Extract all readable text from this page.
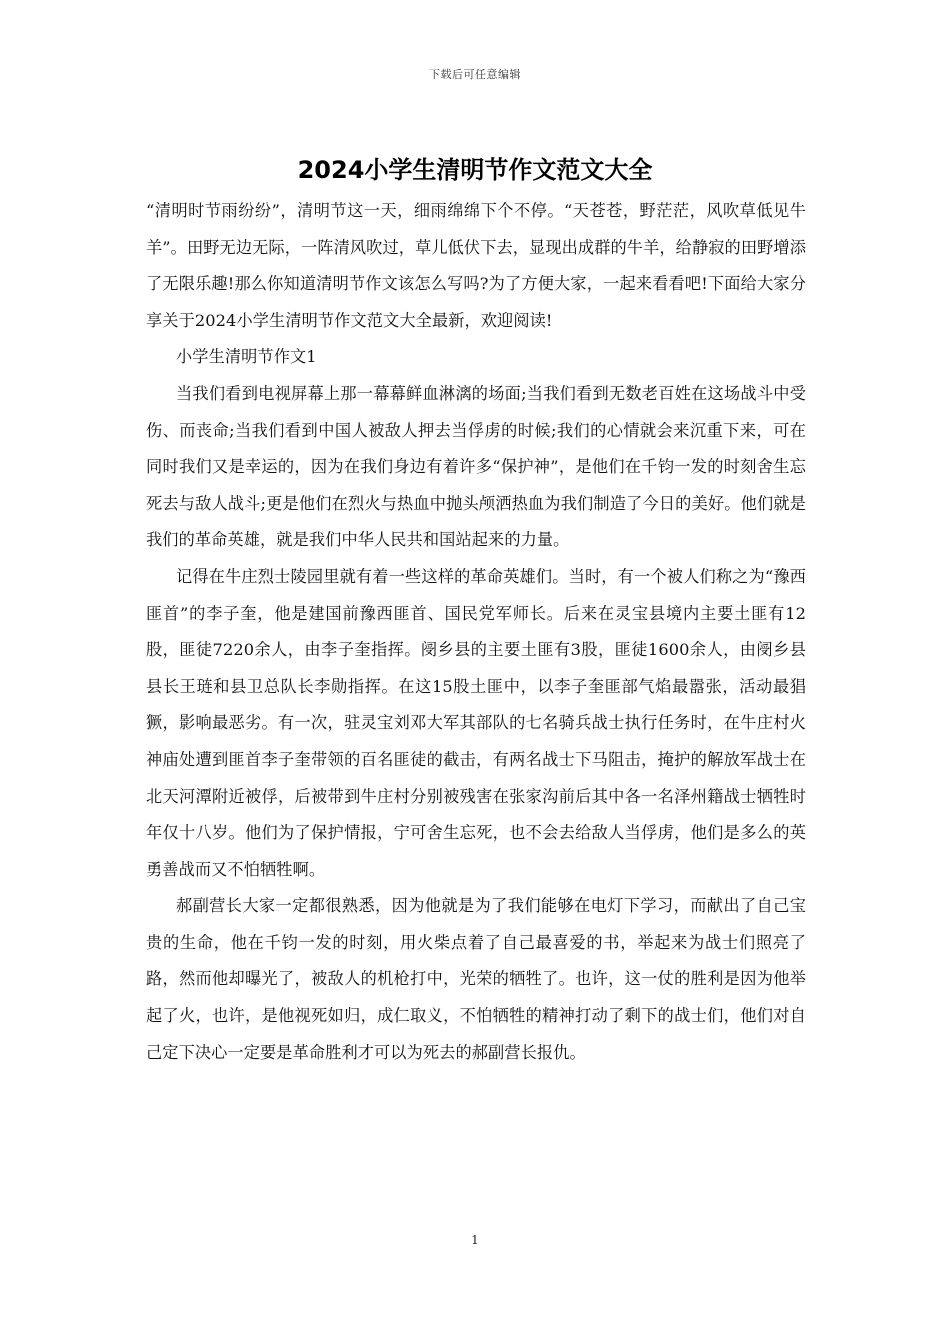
下载后可任意编辑
2024小学生清明节作文范文大全

“清明时节雨纷纷”，清明节这一天，细雨绵绵下个不停。“天苍苍，野茫茫，风吹草低见牛羊”。田野无边无际，一阵清风吹过，草儿低伏下去，显现出成群的牛羊，给静寂的田野增添了无限乐趣!那么你知道清明节作文该怎么写吗?为了方便大家，一起来看看吧!下面给大家分享关于2024小学生清明节作文范文大全最新，欢迎阅读!

小学生清明节作文1

当我们看到电视屏幕上那一幕幕鲜血淋漓的场面;当我们看到无数老百姓在这场战斗中受伤、而丧命;当我们看到中国人被敌人押去当俘虏的时候;我们的心情就会来沉重下来，可在同时我们又是幸运的，因为在我们身边有着许多“保护神”，是他们在千钧一发的时刻舍生忘死去与敌人战斗;更是他们在烈火与热血中抛头颅洒热血为我们制造了今日的美好。他们就是我们的革命英雄，就是我们中华人民共和国站起来的力量。

记得在牛庄烈士陵园里就有着一些这样的革命英雄们。当时，有一个被人们称之为“豫西匪首”的李子奎，他是建国前豫西匪首、国民党军师长。后来在灵宝县境内主要土匪有12股，匪徒7220余人，由李子奎指挥。阌乡县的主要土匪有3股，匪徒1600余人，由阌乡县县长王琏和县卫总队长李勋指挥。在这15股土匪中，以李子奎匪部气焰最嚣张，活动最猖獗，影响最恶劣。有一次，驻灵宝刘邓大军其部队的七名骑兵战士执行任务时，在牛庄村火神庙处遭到匪首李子奎带领的百名匪徒的截击，有两名战士下马阻击，掩护的解放军战士在北天河潭附近被俘，后被带到牛庄村分别被残害在张家沟前后其中各一名泽州籍战士牺牲时年仅十八岁。他们为了保护情报，宁可舍生忘死，也不会去给敌人当俘虏，他们是多么的英勇善战而又不怕牺牲啊。

郝副营长大家一定都很熟悉，因为他就是为了我们能够在电灯下学习，而献出了自己宝贵的生命，他在千钧一发的时刻，用火柴点着了自己最喜爱的书，举起来为战士们照亮了路，然而他却曝光了，被敌人的机枪打中，光荣的牺牲了。也许，这一仗的胜利是因为他举起了火，也许，是他视死如归，成仁取义，不怕牺牲的精神打动了剩下的战士们，他们对自己定下决心一定要是革命胜利才可以为死去的郝副营长报仇。

1
